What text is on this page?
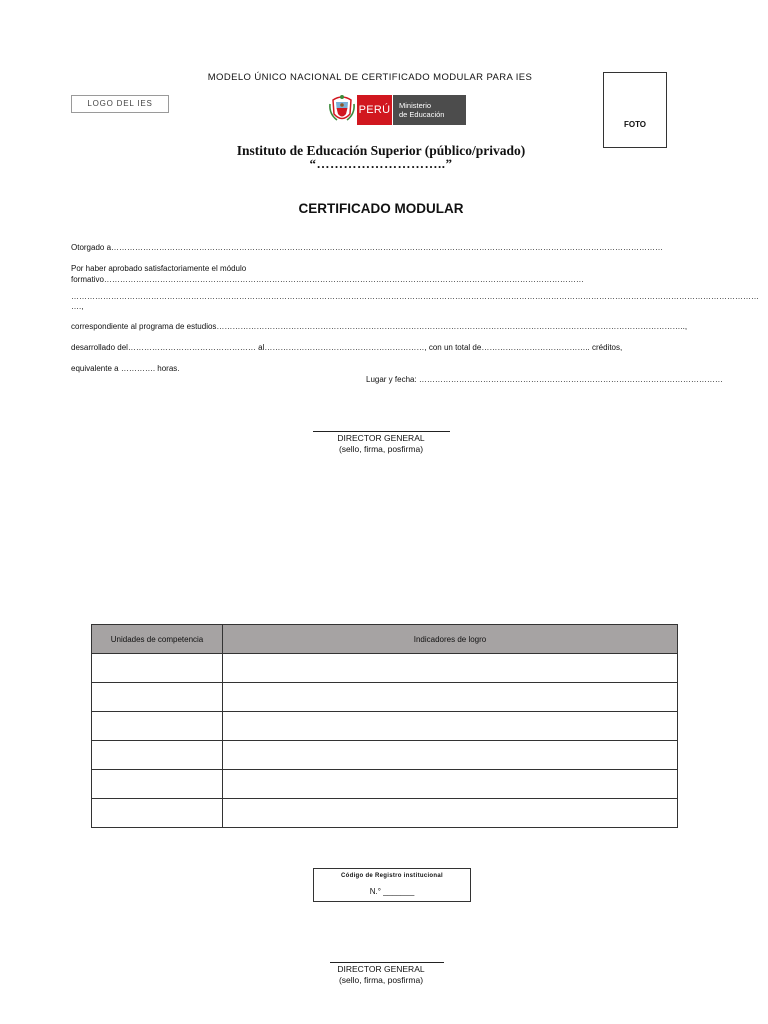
MODELO ÚNICO NACIONAL DE CERTIFICADO MODULAR PARA IES
LOGO DEL IES
FOTO
PERÚ Ministerio
de Educación
Instituto de Educación Superior (público/privado)
“………………………..”
CERTIFICADO MODULAR
Otorgado a………………………………………………………………………………………………………………………………………………………………………………………
Por haber aprobado satisfactoriamente el módulo
formativo………………………………………………………………………………………………………………………………………………………………
……………………………………………………………………………………………………………………………………………………………………………………………………………………………………
….,
correspondiente al programa de estudios…………………………………………………………………………………………………………………………………………………………..,
desarrollado del………………………………………… al……………………………………………………, con un total de………………………………….. créditos,
equivalente a …………. horas.
Lugar y fecha: ……………………………………………………………………………………………………
DIRECTOR GENERAL
(sello, firma, posfirma)
Unidades de competencia	Indicadores de logro

Código de Registro institucional
N.° _______
DIRECTOR GENERAL
(sello, firma, posfirma)
